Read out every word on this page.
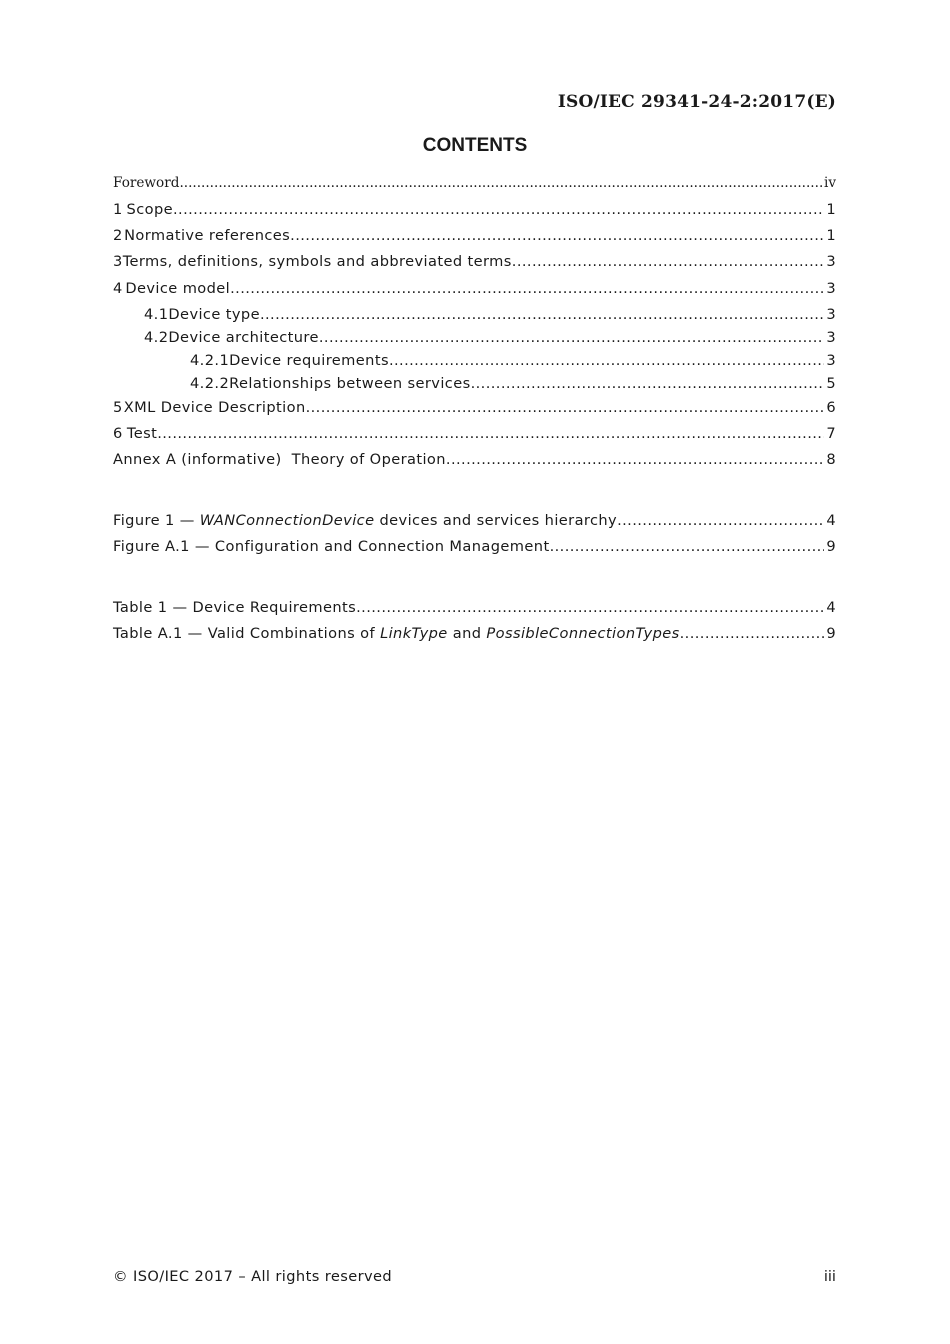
ISO/IEC 29341-24-2:2017(E)
CONTENTS
Foreword .....	iv
1 Scope .....	1
2 Normative references .....	1
3 Terms, definitions, symbols and abbreviated terms .....	3
4 Device model .....	3
4.1 Device type .....	3
4.2 Device architecture .....	3
4.2.1 Device requirements .....	3
4.2.2 Relationships between services .....	5
5 XML Device Description .....	6
6 Test .....	7
Annex A (informative)  Theory of Operation .....	8
Figure 1 — WANConnectionDevice devices and services hierarchy .....	4
Figure A.1 — Configuration and Connection Management .....	9
Table 1 — Device Requirements .....	4
Table A.1 — Valid Combinations of LinkType and PossibleConnectionTypes .....	9
© ISO/IEC 2017 – All rights reserved	iii
